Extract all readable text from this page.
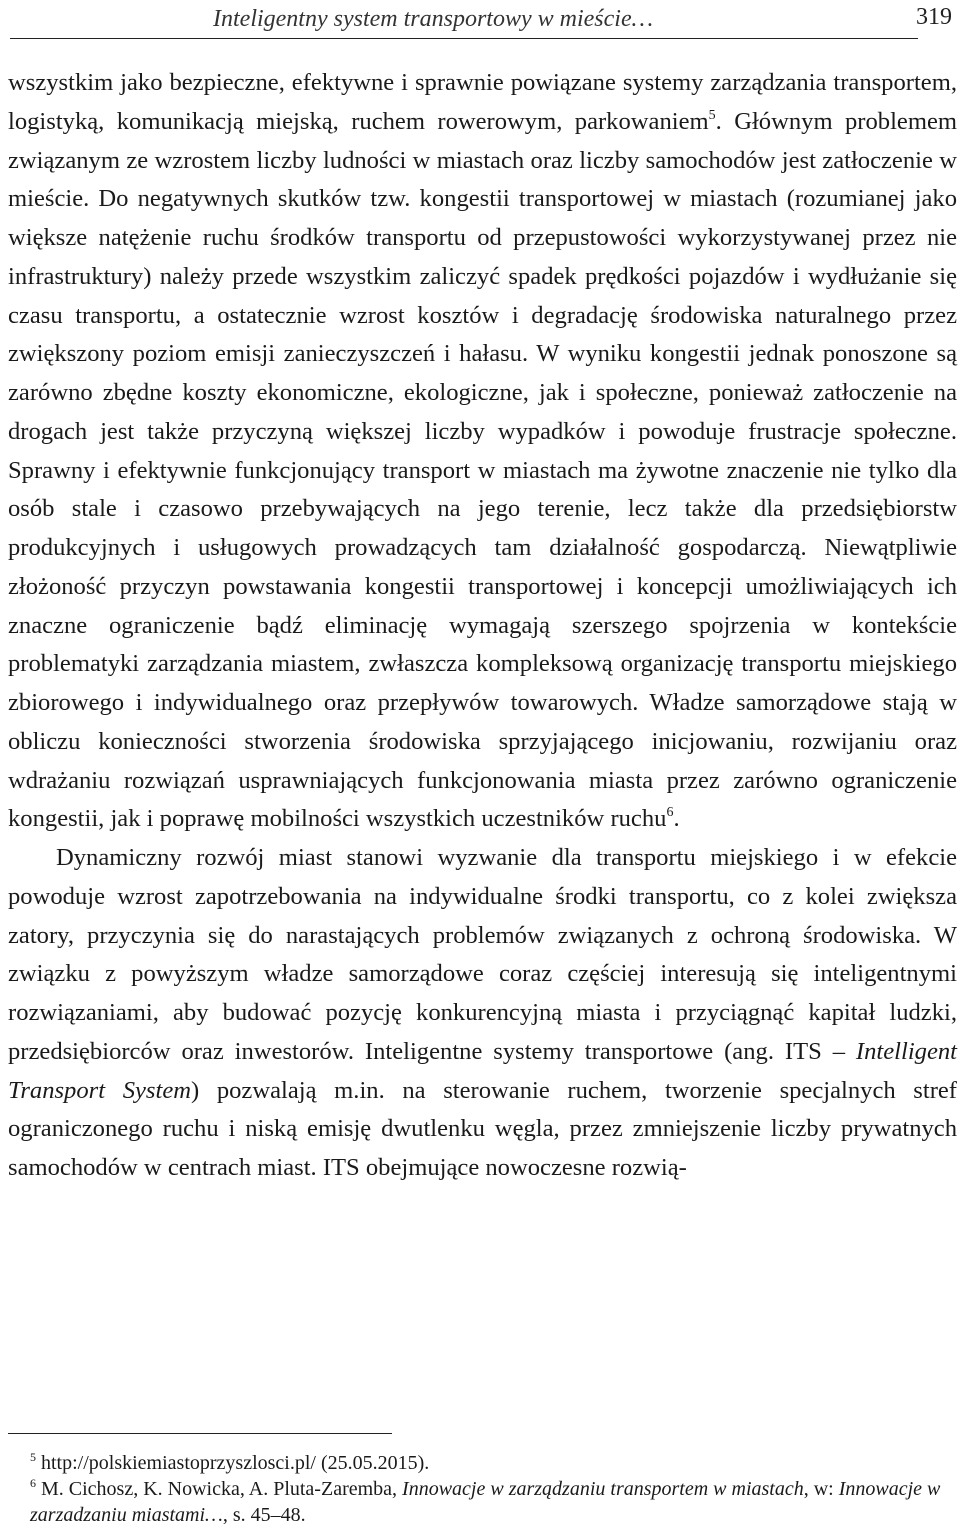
Inteligentny system transportowy w mieście…	319

wszystkim jako bezpieczne, efektywne i sprawnie powiązane systemy zarządzania transportem, logistyką, komunikacją miejską, ruchem rowerowym, parkowaniem$^5$. Głównym problemem związanym ze wzrostem liczby ludności w miastach oraz liczby samochodów jest zatłoczenie w mieście. Do negatywnych skutków tzw. kongestii transportowej w miastach (rozumianej jako większe natężenie ruchu środków transportu od przepustowości wykorzystywanej przez nie infrastruktury) należy przede wszystkim zaliczyć spadek prędkości pojazdów i wydłużanie się czasu transportu, a ostatecznie wzrost kosztów i degradację środowiska naturalnego przez zwiększony poziom emisji zanieczyszczeń i hałasu. W wyniku kongestii jednak ponoszone są zarówno zbędne koszty ekonomiczne, ekologiczne, jak i społeczne, ponieważ zatłoczenie na drogach jest także przyczyną większej liczby wypadków i powoduje frustracje społeczne. Sprawny i efektywnie funkcjonujący transport w miastach ma żywotne znaczenie nie tylko dla osób stale i czasowo przebywających na jego terenie, lecz także dla przedsiębiorstw produkcyjnych i usługowych prowadzących tam działalność gospodarczą. Niewątpliwie złożoność przyczyn powstawania kongestii transportowej i koncepcji umożliwiających ich znaczne ograniczenie bądź eliminację wymagają szerszego spojrzenia w kontekście problematyki zarządzania miastem, zwłaszcza kompleksową organizację transportu miejskiego zbiorowego i indywidualnego oraz przepływów towarowych. Władze samorządowe stają w obliczu konieczności stworzenia środowiska sprzyjającego inicjowaniu, rozwijaniu oraz wdrażaniu rozwiązań usprawniających funkcjonowania miasta przez zarówno ograniczenie kongestii, jak i poprawę mobilności wszystkich uczestników ruchu$^6$.

Dynamiczny rozwój miast stanowi wyzwanie dla transportu miejskiego i w efekcie powoduje wzrost zapotrzebowania na indywidualne środki transportu, co z kolei zwiększa zatory, przyczynia się do narastających problemów związanych z ochroną środowiska. W związku z powyższym władze samorządowe coraz częściej interesują się inteligentnymi rozwiązaniami, aby budować pozycję konkurencyjną miasta i przyciągnąć kapitał ludzki, przedsiębiorców oraz inwestorów. Inteligentne systemy transportowe (ang. ITS – Intelligent Transport System) pozwalają m.in. na sterowanie ruchem, tworzenie specjalnych stref ograniczonego ruchu i niską emisję dwutlenku węgla, przez zmniejszenie liczby prywatnych samochodów w centrach miast. ITS obejmujące nowoczesne rozwią-

$^5$ http://polskiemiastoprzyszlosci.pl/ (25.05.2015).

$^6$ M. Cichosz, K. Nowicka, A. Pluta-Zaremba, Innowacje w zarządzaniu transportem w miastach, w: Innowacje w zarzadzaniu miastami…, s. 45–48.
